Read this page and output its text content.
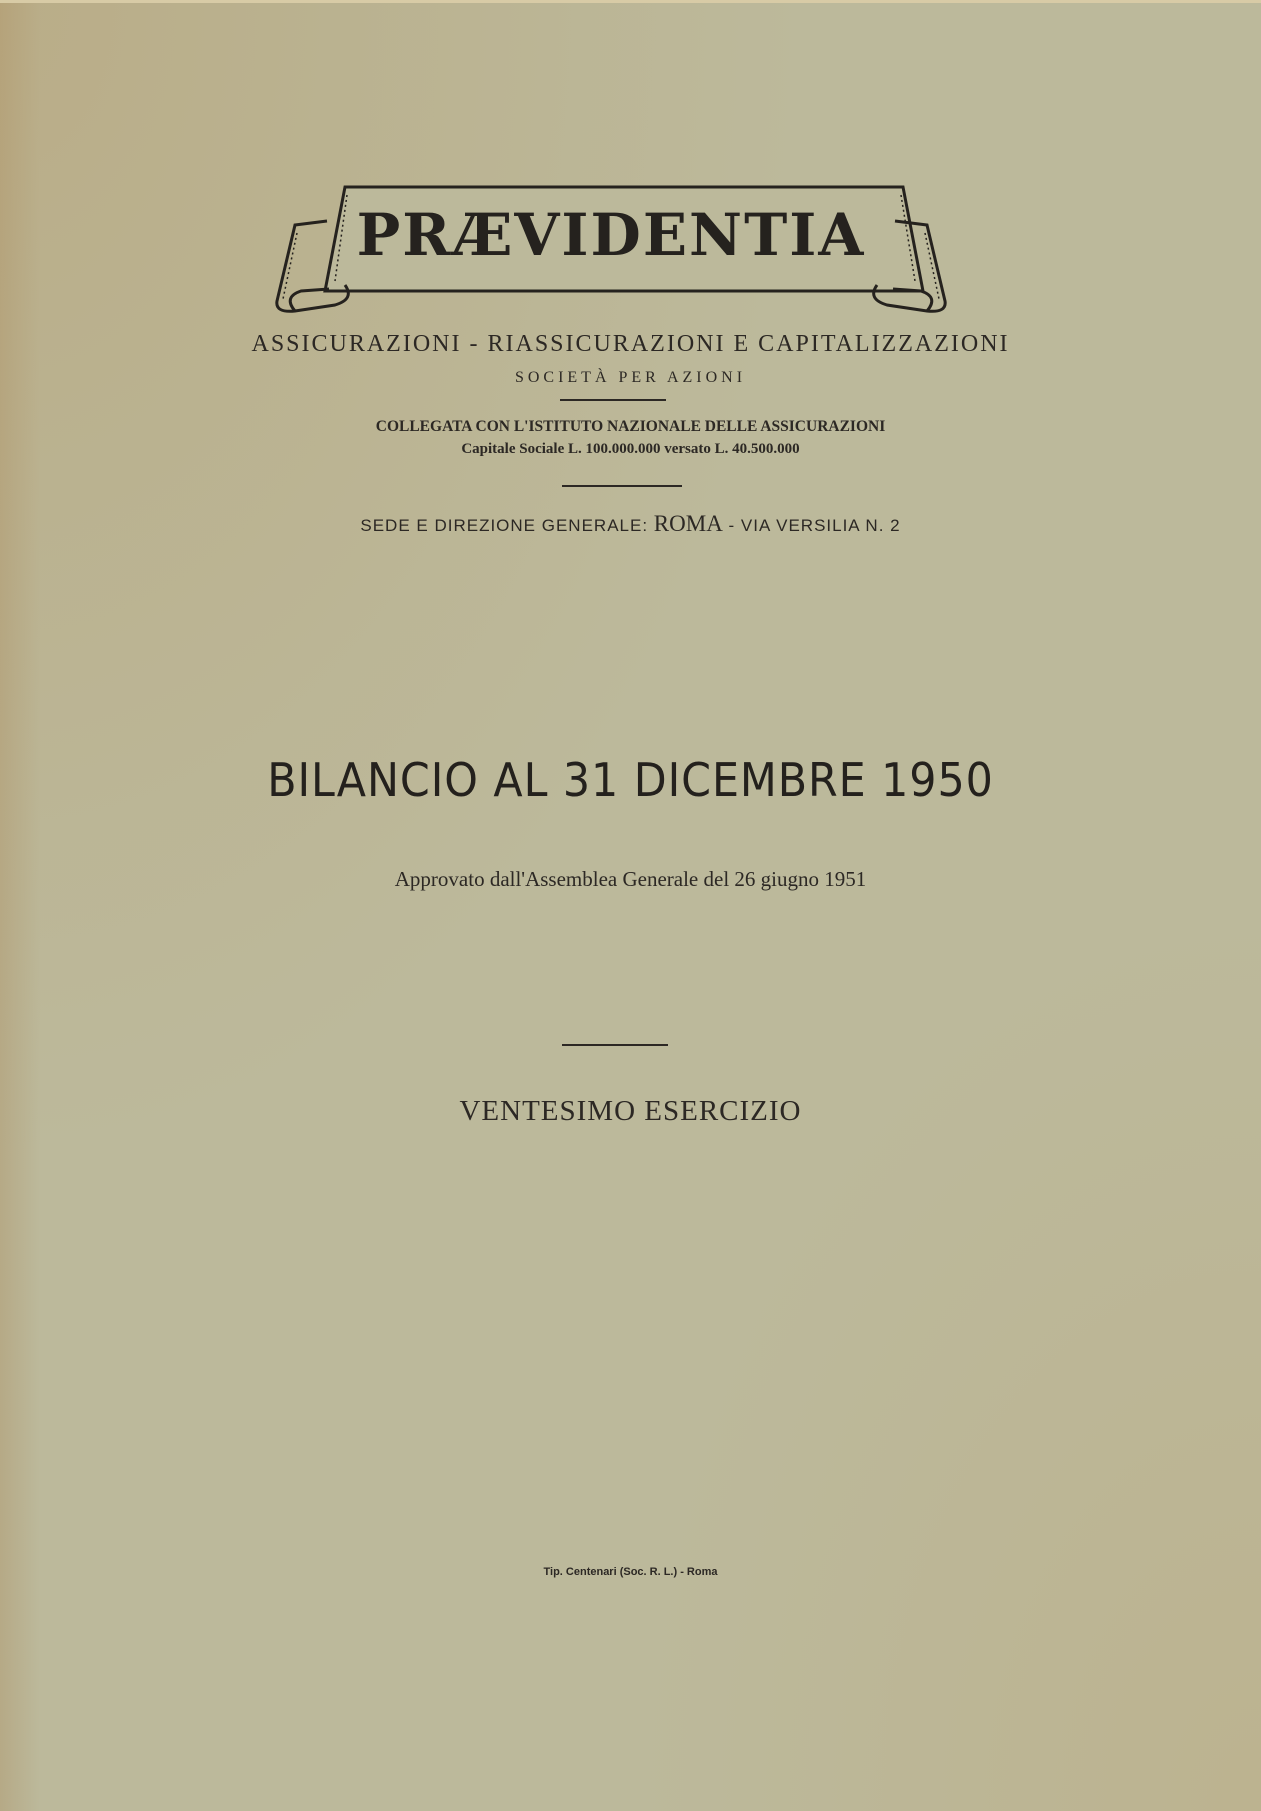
PRÆVIDENTIA
ASSICURAZIONI - RIASSICURAZIONI E CAPITALIZZAZIONI
SOCIETÀ PER AZIONI
COLLEGATA CON L'ISTITUTO NAZIONALE DELLE ASSICURAZIONI
Capitale Sociale L. 100.000.000 versato L. 40.500.000
SEDE E DIREZIONE GENERALE: ROMA - VIA VERSILIA N. 2
BILANCIO AL 31 DICEMBRE 1950
Approvato dall'Assemblea Generale del 26 giugno 1951
VENTESIMO ESERCIZIO
Tip. Centenari (Soc. R. L.) - Roma
